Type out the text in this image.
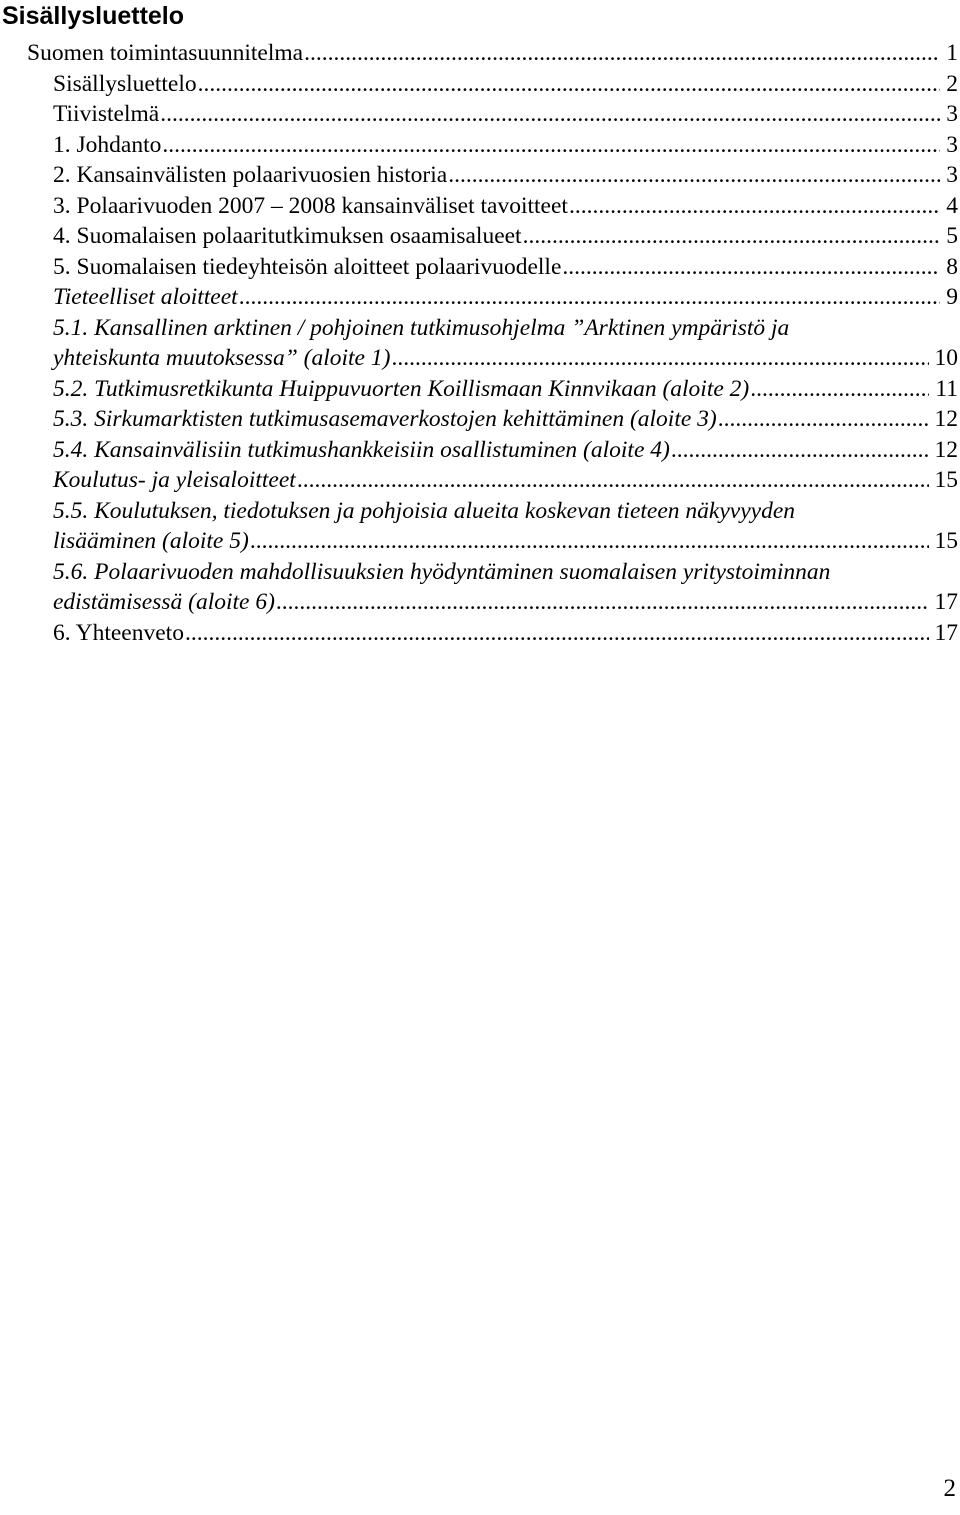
Sisällysluettelo
Suomen toimintasuunnitelma .....	1
Sisällysluettelo .....	2
Tiivistelmä .....	3
1. Johdanto .....	3
2. Kansainvälisten polaarivuosien historia .....	3
3. Polaarivuoden 2007 – 2008 kansainväliset tavoitteet .....	4
4. Suomalaisen polaaritutkimuksen osaamisalueet .....	5
5. Suomalaisen tiedeyhteisön aloitteet polaarivuodelle .....	8
Tieteelliset aloitteet .....	9
5.1. Kansallinen arktinen / pohjoinen tutkimusohjelma ”Arktinen ympäristö ja
yhteiskunta muutoksessa” (aloite 1) .....	10
5.2. Tutkimusretkikunta Huippuvuorten Koillismaan Kinnvikaan (aloite 2) .....	11
5.3. Sirkumarktisten tutkimusasemaverkostojen kehittäminen (aloite 3) .....	12
5.4. Kansainvälisiin tutkimushankkeisiin osallistuminen (aloite 4) .....	12
Koulutus- ja yleisaloitteet .....	15
5.5. Koulutuksen, tiedotuksen ja pohjoisia alueita koskevan tieteen näkyvyyden
lisääminen (aloite 5) .....	15
5.6. Polaarivuoden mahdollisuuksien hyödyntäminen suomalaisen yritystoiminnan
edistämisessä (aloite 6) .....	17
6. Yhteenveto .....	17
2
